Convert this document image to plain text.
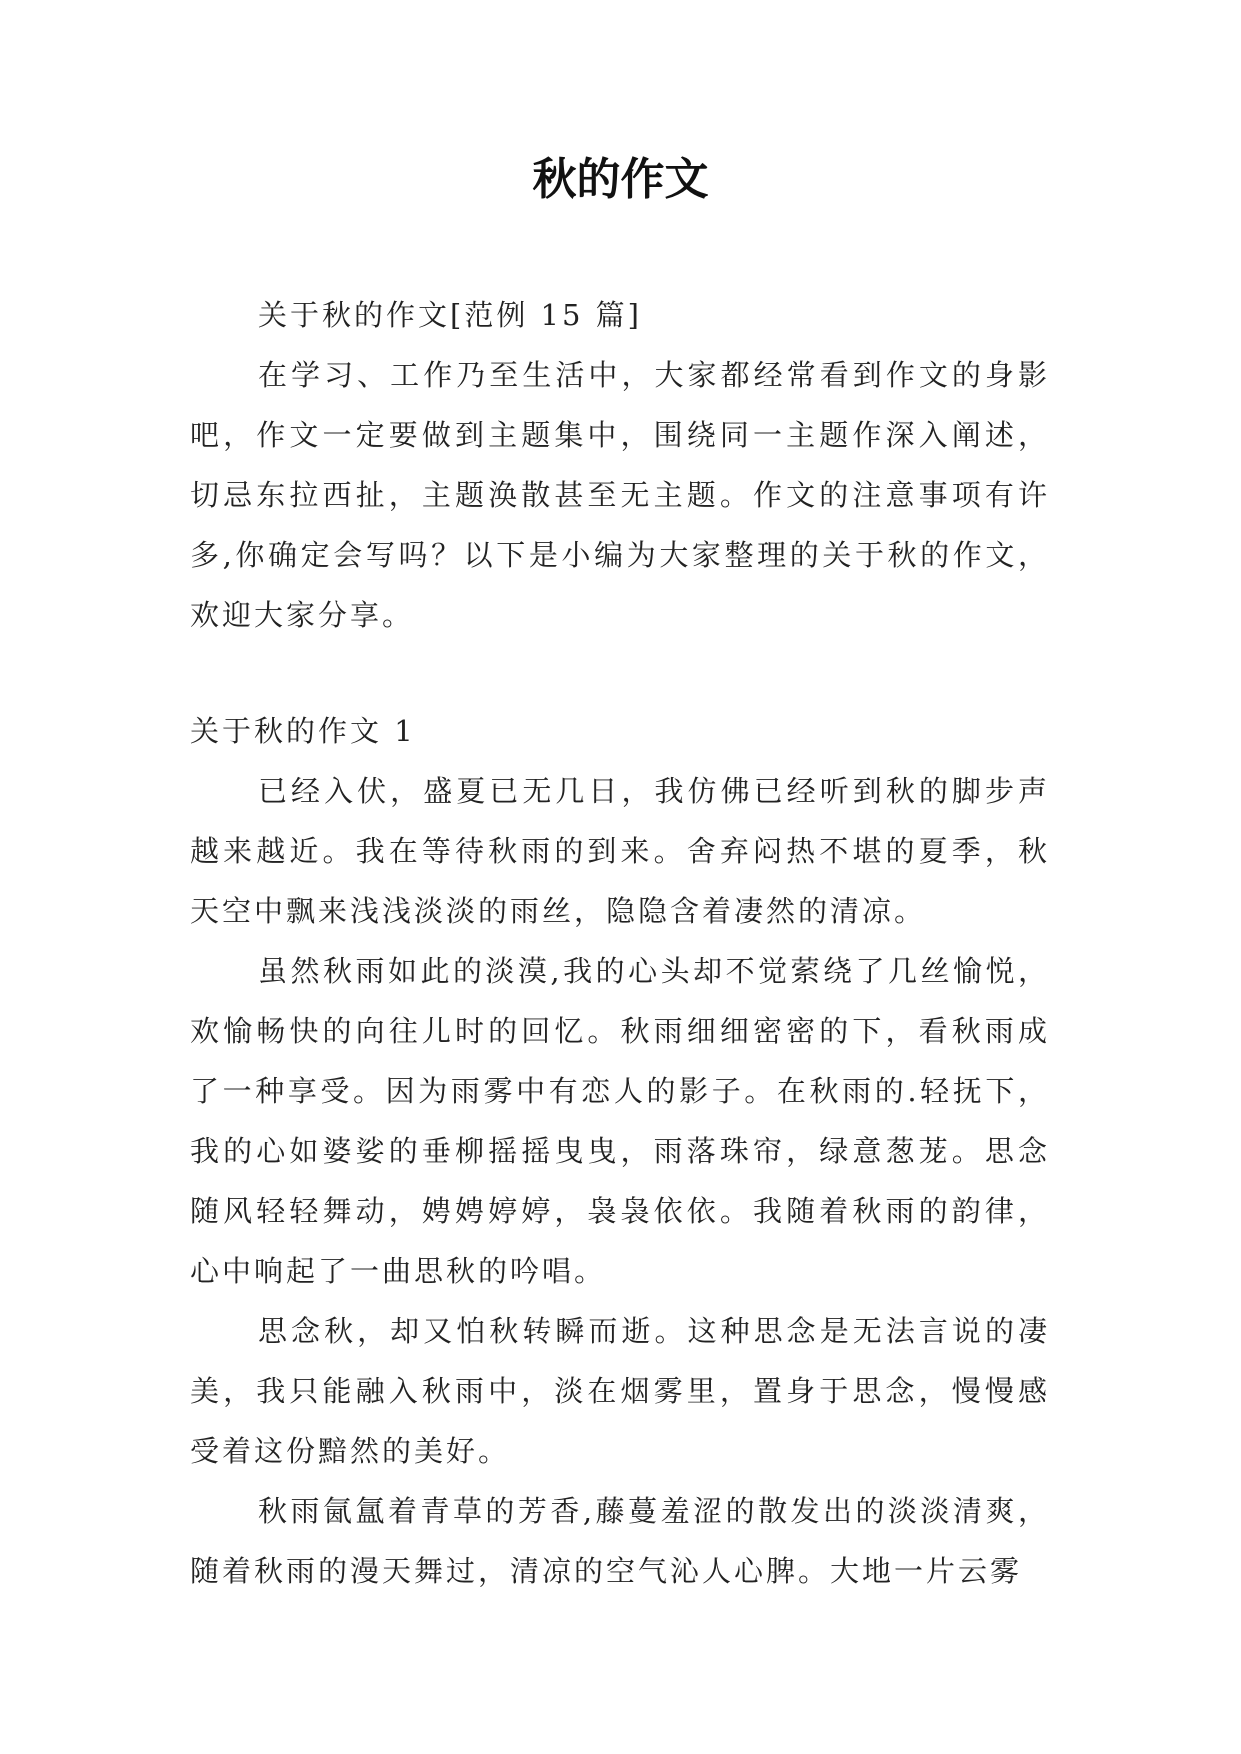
秋的作文

关于秋的作文[范例 15 篇]

在学习、工作乃至生活中，大家都经常看到作文的身影吧，作文一定要做到主题集中，围绕同一主题作深入阐述，切忌东拉西扯，主题涣散甚至无主题。作文的注意事项有许多,你确定会写吗？以下是小编为大家整理的关于秋的作文，欢迎大家分享。

关于秋的作文 1

已经入伏，盛夏已无几日，我仿佛已经听到秋的脚步声越来越近。我在等待秋雨的到来。舍弃闷热不堪的夏季，秋天空中飘来浅浅淡淡的雨丝，隐隐含着凄然的清凉。

虽然秋雨如此的淡漠,我的心头却不觉萦绕了几丝愉悦，欢愉畅快的向往儿时的回忆。秋雨细细密密的下，看秋雨成了一种享受。因为雨雾中有恋人的影子。在秋雨的.轻抚下，我的心如婆娑的垂柳摇摇曳曳，雨落珠帘，绿意葱茏。思念随风轻轻舞动，娉娉婷婷，袅袅依依。我随着秋雨的韵律，心中响起了一曲思秋的吟唱。

思念秋，却又怕秋转瞬而逝。这种思念是无法言说的凄美，我只能融入秋雨中，淡在烟雾里，置身于思念，慢慢感受着这份黯然的美好。

秋雨氤氲着青草的芳香,藤蔓羞涩的散发出的淡淡清爽，随着秋雨的漫天舞过，清凉的空气沁人心脾。大地一片云雾
